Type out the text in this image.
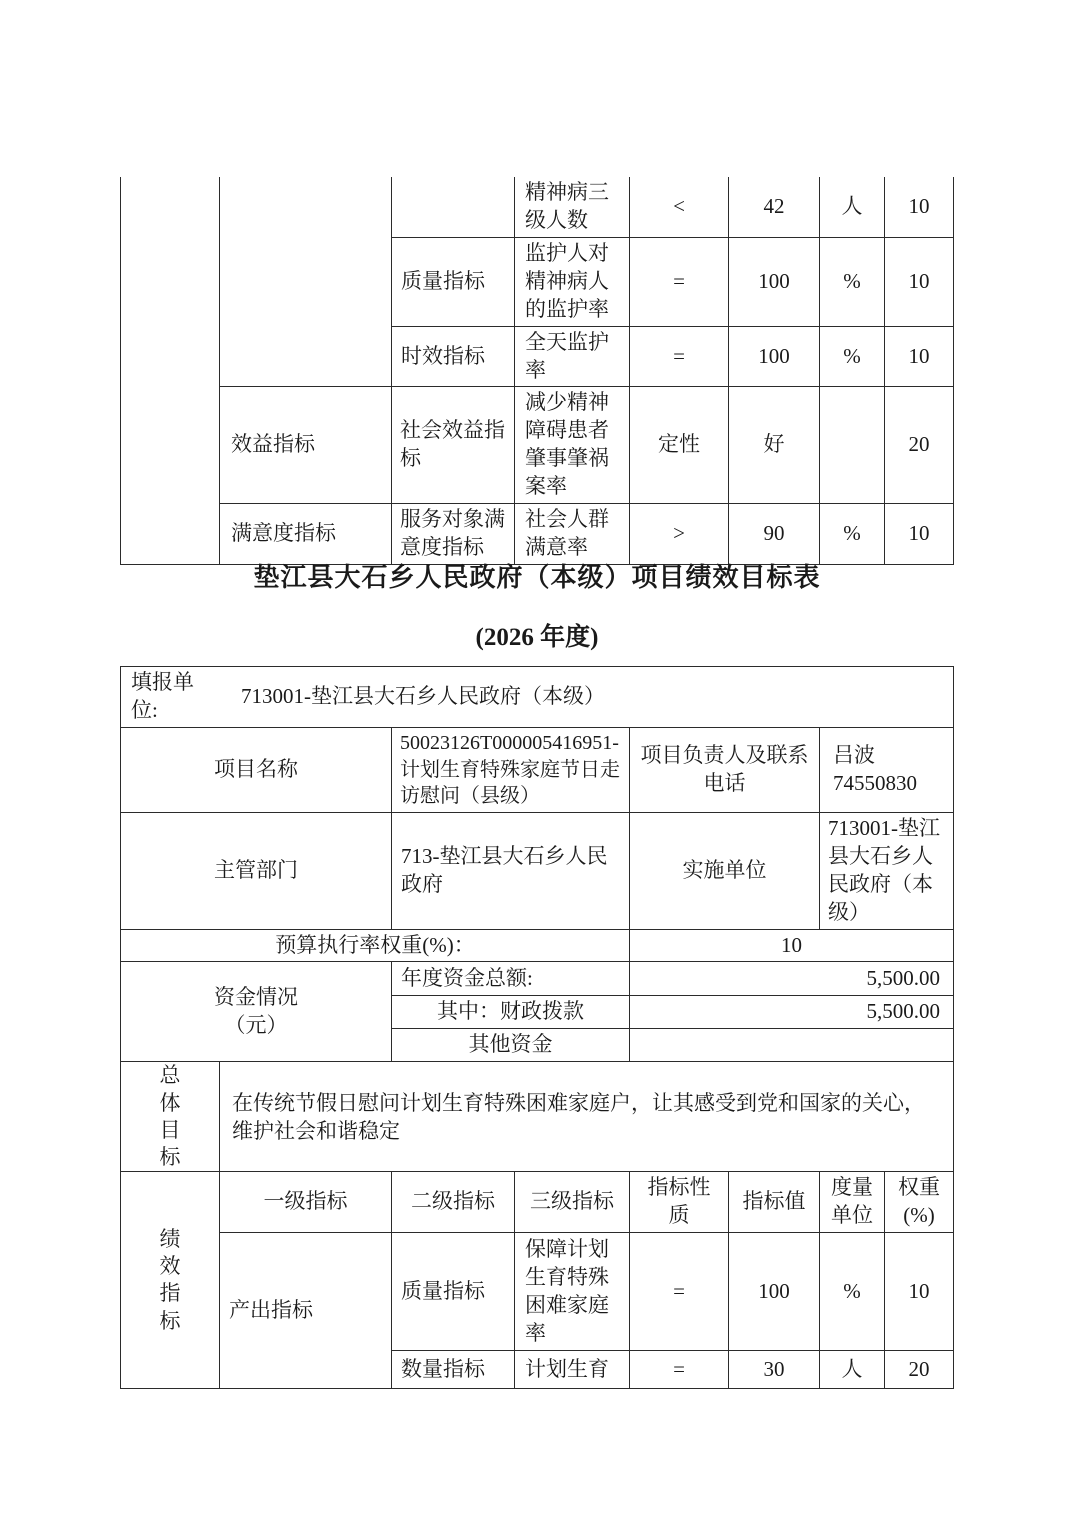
			精神病三级人数	<	42	人	10
		质量指标	监护人对精神病人的监护率	=	100	%	10
		时效指标	全天监护率	=	100	%	10
	效益指标	社会效益指标	减少精神障碍患者肇事肇祸案率	定性	好		20
	满意度指标	服务对象满意度指标	社会人群满意率	>	90	%	10
垫江县大石乡人民政府（本级）项目绩效目标表
(2026 年度)
填报单位:
713001-垫江县大石乡人民政府（本级）							

项目名称		50023126T000005416951-计划生育特殊家庭节日走访慰问（县级）		项目负责人及联系电话		吕波 74550830	
主管部门		713-垫江县大石乡人民政府		实施单位		713001-垫江县大石乡人民政府（本级）	
预算执行率权重(%)：				10			
资金情况（元）		年度资金总额:		5,500.00			
		其中：财政拨款		5,500.00			
		其他资金					

总体目标	在传统节假日慰问计划生育特殊困难家庭户，让其感受到党和国家的关心，维护社会和谐稳定						

绩效指标	一级指标	二级指标	三级指标	指标性质	指标值	度量单位	权重(%)
	产出指标	质量指标	保障计划生育特殊困难家庭率	=	100	%	10
		数量指标	计划生育	=	30	人	20
